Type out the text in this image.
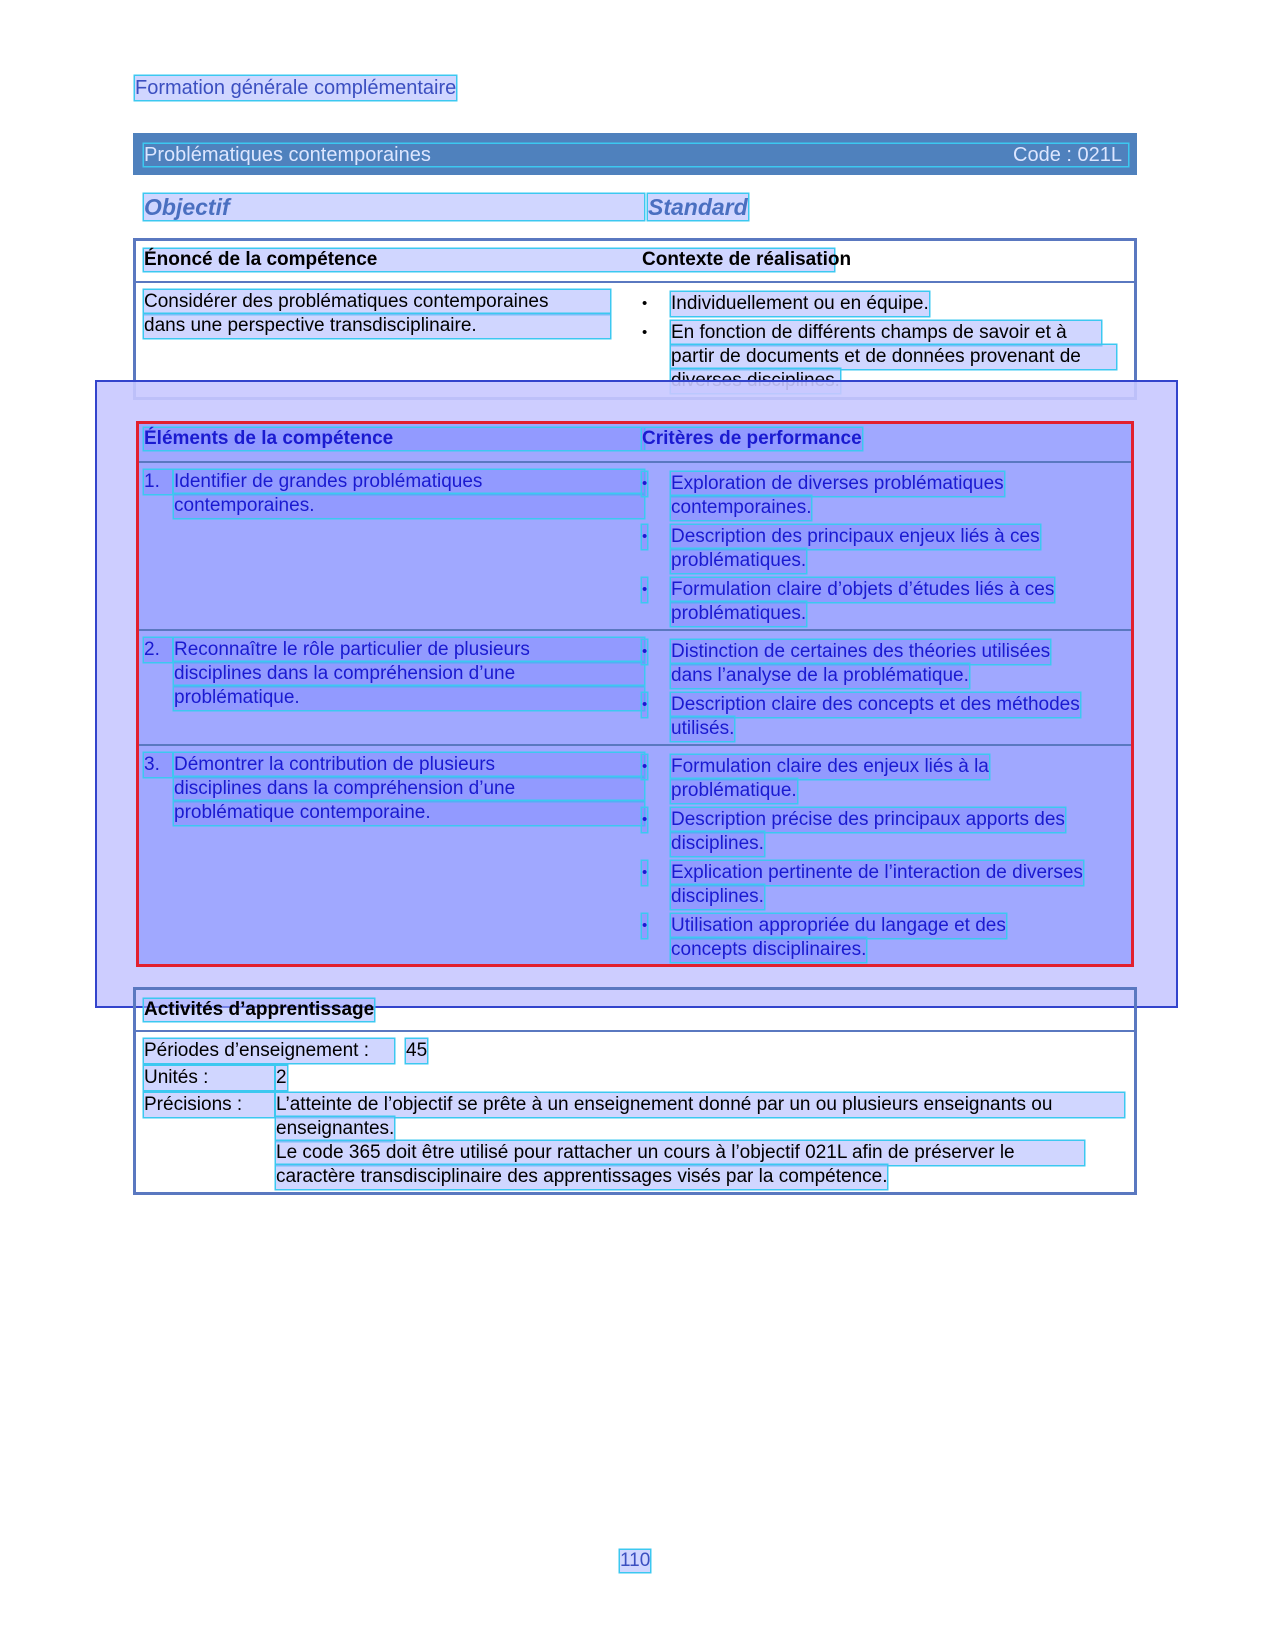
Formation générale complémentaire
Problématiques contemporaines	Code : 021L
Objectif	Standard
Énoncé de la compétence	Contexte de réalisation
Considérer des problématiques contemporaines
dans une perspective transdisciplinaire.
• Individuellement ou en équipe.
• En fonction de différents champs de savoir et à
partir de documents et de données provenant de
Éléments de la compétence	Critères de performance
1. Identifier de grandes problématiques
contemporaines.
• Exploration de diverses problématiques
contemporaines.
• Description des principaux enjeux liés à ces
problématiques.
• Formulation claire d’objets d’études liés à ces
problématiques.
2. Reconnaître le rôle particulier de plusieurs
disciplines dans la compréhension d’une
problématique.
• Distinction de certaines des théories utilisées
dans l’analyse de la problématique.
• Description claire des concepts et des méthodes
utilisés.
3. Démontrer la contribution de plusieurs
disciplines dans la compréhension d’une
problématique contemporaine.
• Formulation claire des enjeux liés à la
problématique.
• Description précise des principaux apports des
disciplines.
• Explication pertinente de l’interaction de diverses
disciplines.
• Utilisation appropriée du langage et des
concepts disciplinaires.
Activités d’apprentissage
Périodes d’enseignement :	45
Unités :	2
Précisions :	L’atteinte de l’objectif se prête à un enseignement donné par un ou plusieurs enseignants ou
enseignantes.
Le code 365 doit être utilisé pour rattacher un cours à l’objectif 021L afin de préserver le
caractère transdisciplinaire des apprentissages visés par la compétence.
110
